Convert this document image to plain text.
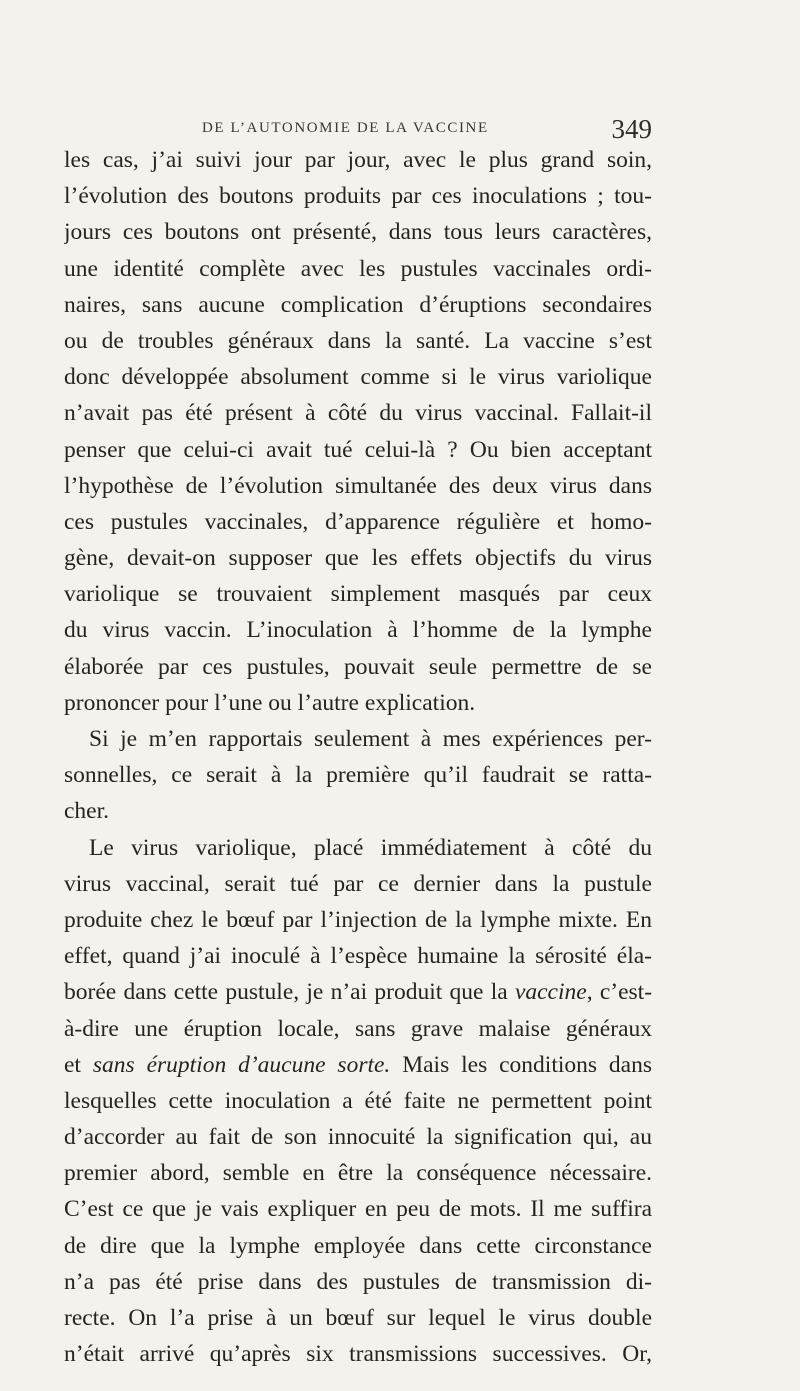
DE L’AUTONOMIE DE LA VACCINE	349
les cas, j’ai suivi jour par jour, avec le plus grand soin,
l’évolution des boutons produits par ces inoculations ; tou-
jours ces boutons ont présenté, dans tous leurs caractères,
une identité complète avec les pustules vaccinales ordi-
naires, sans aucune complication d’éruptions secondaires
ou de troubles généraux dans la santé. La vaccine s’est
donc développée absolument comme si le virus variolique
n’avait pas été présent à côté du virus vaccinal. Fallait-il
penser que celui-ci avait tué celui-là ? Ou bien acceptant
l’hypothèse de l’évolution simultanée des deux virus dans
ces pustules vaccinales, d’apparence régulière et homo-
gène, devait-on supposer que les effets objectifs du virus
variolique se trouvaient simplement masqués par ceux
du virus vaccin. L’inoculation à l’homme de la lymphe
élaborée par ces pustules, pouvait seule permettre de se
prononcer pour l’une ou l’autre explication.
Si je m’en rapportais seulement à mes expériences per-
sonnelles, ce serait à la première qu’il faudrait se ratta-
cher.
Le virus variolique, placé immédiatement à côté du
virus vaccinal, serait tué par ce dernier dans la pustule
produite chez le bœuf par l’injection de la lymphe mixte. En
effet, quand j’ai inoculé à l’espèce humaine la sérosité éla-
borée dans cette pustule, je n’ai produit que la vaccine, c’est-
à-dire une éruption locale, sans grave malaise généraux
et sans éruption d’aucune sorte. Mais les conditions dans
lesquelles cette inoculation a été faite ne permettent point
d’accorder au fait de son innocuité la signification qui, au
premier abord, semble en être la conséquence nécessaire.
C’est ce que je vais expliquer en peu de mots. Il me suffira
de dire que la lymphe employée dans cette circonstance
n’a pas été prise dans des pustules de transmission di-
recte. On l’a prise à un bœuf sur lequel le virus double
n’était arrivé qu’après six transmissions successives. Or,
